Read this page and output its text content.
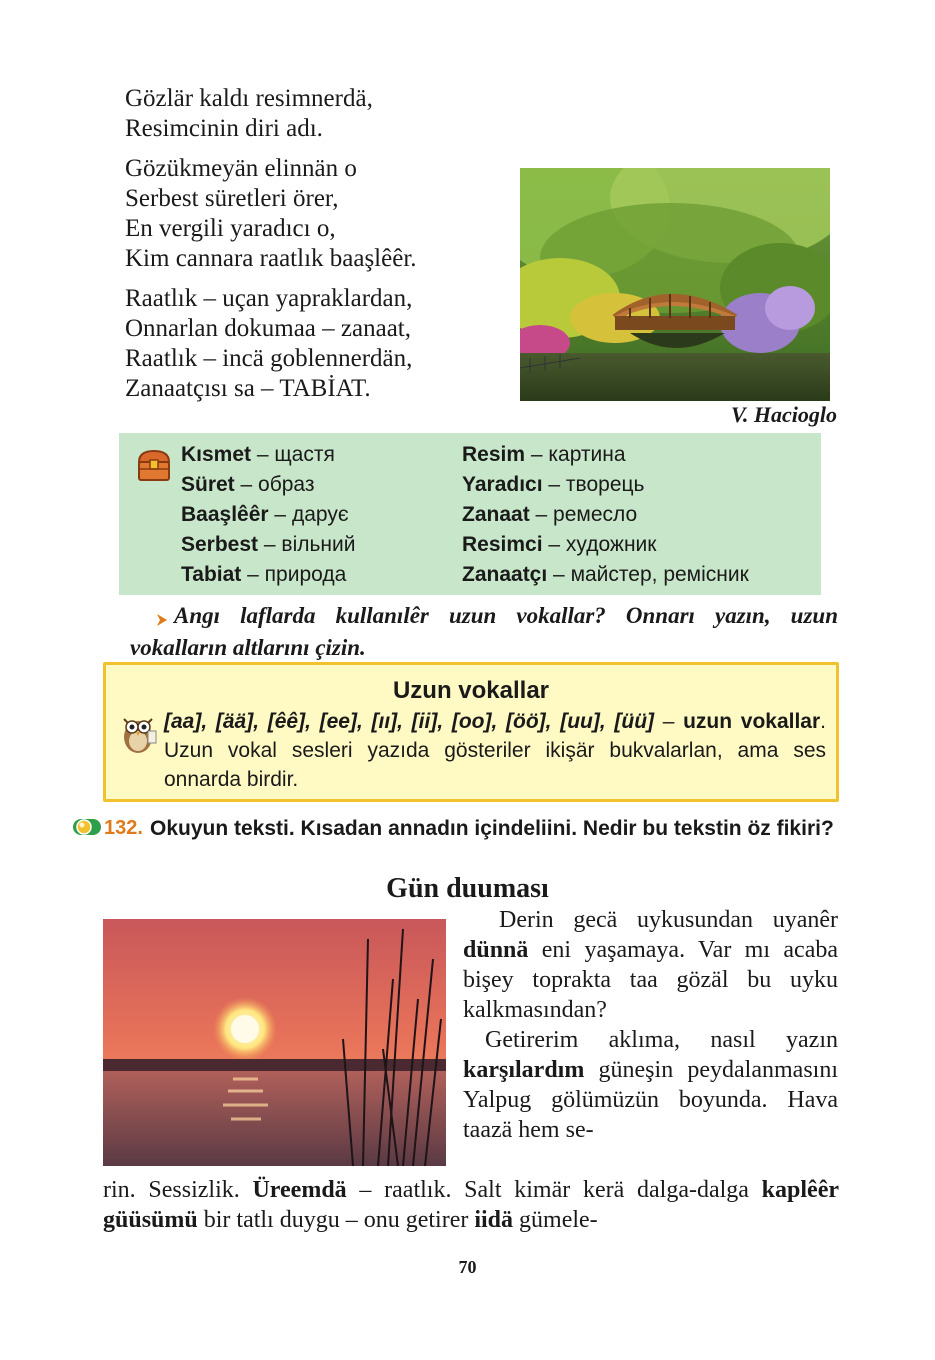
Gözlär kaldı resimnerdä,
Resimcinin diri adı.
Gözükmeyän elinnän o
Serbest süretleri örer,
En vergili yaradıcı o,
Kim cannara raatlık baaşlêêr.
Raatlık – uçan yapraklardan,
Onnarlan dokumaa – zanaat,
Raatlık – incä goblennerdän,
Zanaatçısı sa – TABİAT.
V. Hacioglo
Kısmet – щастя
Süret – образ
Baaşlêêr – дарує
Serbest – вільний
Tabiat – природа
Resim – картина
Yaradıcı – творець
Zanaat – ремесло
Resimci – художник
Zanaatçı – майстер, ремісник
Angı laflarda kullanılêr uzun vokallar? Onnarı yazın, uzun vokalların altlarını çizin.
Uzun vokallar
[aa], [ää], [êê], [ee], [ıı], [ii], [oo], [öö], [uu], [üü] – uzun vokallar. Uzun vokal sesleri yazıda gösteriler ikişär bukvalarlan, ama ses onnarda birdir.
132. Okuyun teksti. Kısadan annadın içindeliini. Nedir bu tekstin öz fikiri?
Gün duuması

Derin gecä uykusundan uyanêr dünnä eni yaşamaya. Var mı acaba bişey toprakta taa gözäl bu uyku kalkmasından?

Getirerim aklıma, nasıl yazın karşılardım güneşin peydalanmasını Yalpug gölümüzün boyunda. Hava taazä hem se-

rin. Sessizlik. Üreemdä – raatlık. Salt kimär kerä dalga-dalga kaplêêr güüsümü bir tatlı duygu – onu getirer iidä gümele-
70
